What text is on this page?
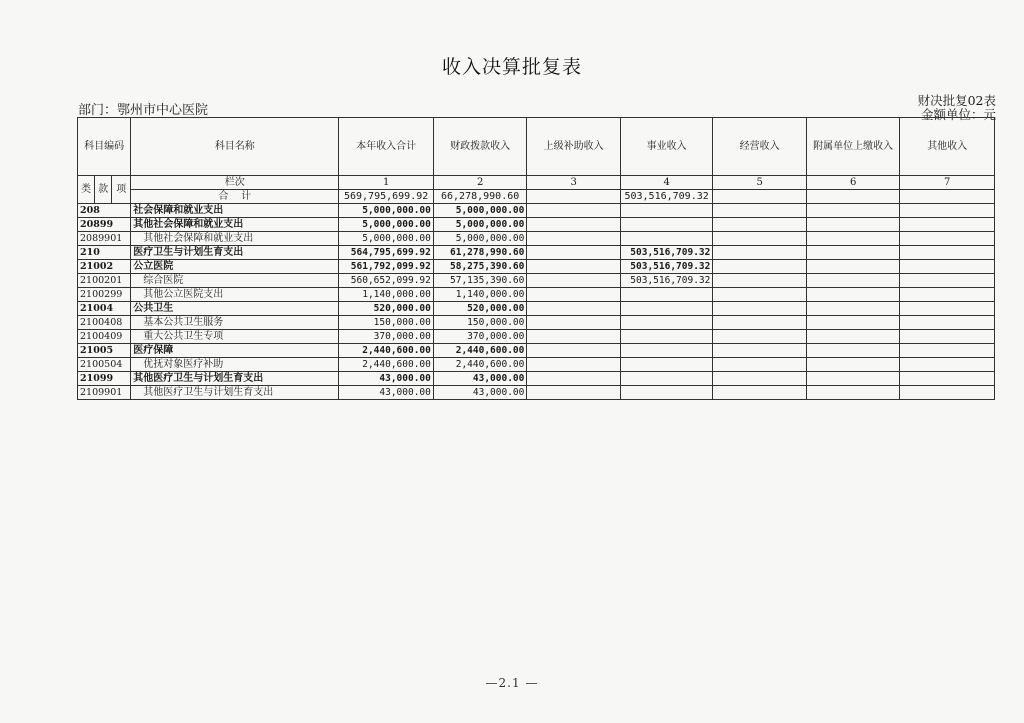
收入决算批复表
部门：鄂州市中心医院
财决批复02表
金额单位：元
科目编码			科目名称	本年收入合计	财政拨款收入	上级补助收入	事业收入	经营收入	附属单位上缴收入	其他收入
类	款	项	栏次	1	2	3	4	5	6	7
			合    计	569,795,699.92	66,278,990.60		503,516,709.32			
208			社会保障和就业支出	5,000,000.00	5,000,000.00					
20899			其他社会保障和就业支出	5,000,000.00	5,000,000.00					
2089901			其他社会保障和就业支出	5,000,000.00	5,000,000.00					
210			医疗卫生与计划生育支出	564,795,699.92	61,278,990.60		503,516,709.32			
21002			公立医院	561,792,099.92	58,275,390.60		503,516,709.32			
2100201			综合医院	560,652,099.92	57,135,390.60		503,516,709.32			
2100299			其他公立医院支出	1,140,000.00	1,140,000.00					
21004			公共卫生	520,000.00	520,000.00					
2100408			基本公共卫生服务	150,000.00	150,000.00					
2100409			重大公共卫生专项	370,000.00	370,000.00					
21005			医疗保障	2,440,600.00	2,440,600.00					
2100504			优抚对象医疗补助	2,440,600.00	2,440,600.00					
21099			其他医疗卫生与计划生育支出	43,000.00	43,000.00					
2109901			其他医疗卫生与计划生育支出	43,000.00	43,000.00					
—2.1 —
